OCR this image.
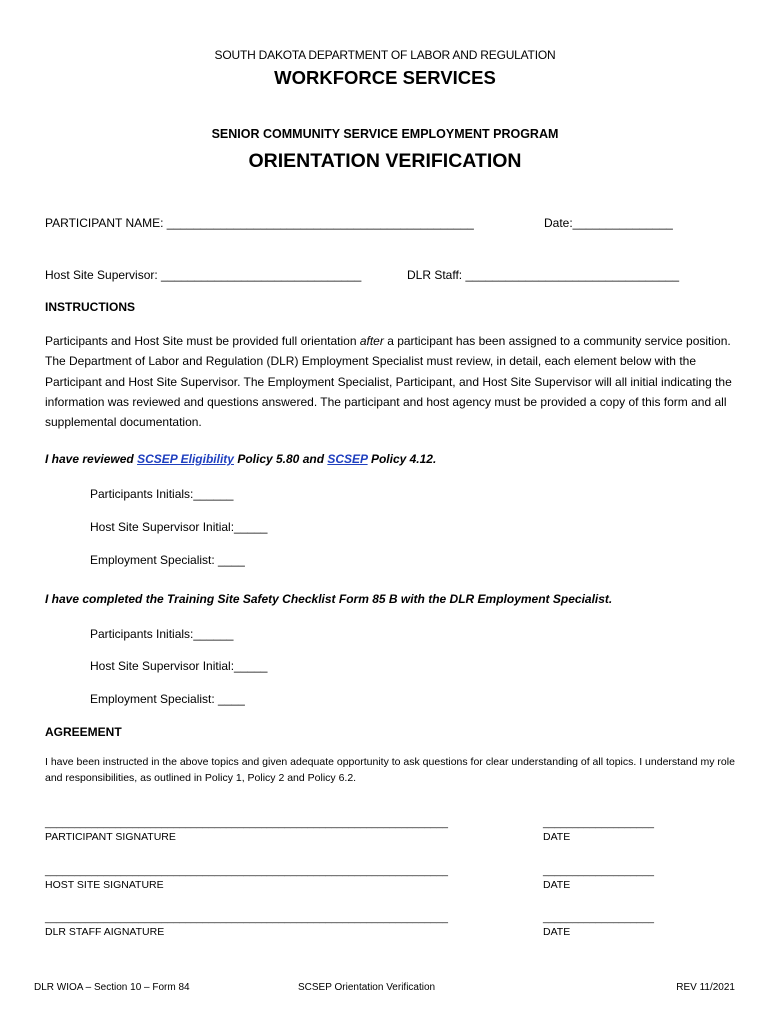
SOUTH DAKOTA DEPARTMENT OF LABOR AND REGULATION
WORKFORCE SERVICES
SENIOR COMMUNITY SERVICE EMPLOYMENT PROGRAM
ORIENTATION VERIFICATION
PARTICIPANT NAME: ______________________________________________	Date:_______________
Host Site Supervisor: ______________________________	DLR Staff: ________________________________
INSTRUCTIONS
Participants and Host Site must be provided full orientation after a participant has been assigned to a community service position. The Department of Labor and Regulation (DLR) Employment Specialist must review, in detail, each element below with the Participant and Host Site Supervisor. The Employment Specialist, Participant, and Host Site Supervisor will all initial indicating the information was reviewed and questions answered. The participant and host agency must be provided a copy of this form and all supplemental documentation.
I have reviewed SCSEP Eligibility Policy 5.80 and SCSEP Policy 4.12.
Participants Initials:______
Host Site Supervisor Initial:_____
Employment Specialist: ____
I have completed the Training Site Safety Checklist Form 85 B with the DLR Employment Specialist.
Participants Initials:______
Host Site Supervisor Initial:_____
Employment Specialist: ____
AGREEMENT
I have been instructed in the above topics and given adequate opportunity to ask questions for clear understanding of all topics. I understand my role and responsibilities, as outlined in Policy 1, Policy 2 and Policy 6.2.
_____________________________________________________________________	___________________
PARTICIPANT SIGNATURE	DATE
_____________________________________________________________________	___________________
HOST SITE SIGNATURE	DATE
_____________________________________________________________________	___________________
DLR STAFF AIGNATURE	DATE
DLR WIOA – Section 10 – Form 84	SCSEP Orientation Verification	REV 11/2021
